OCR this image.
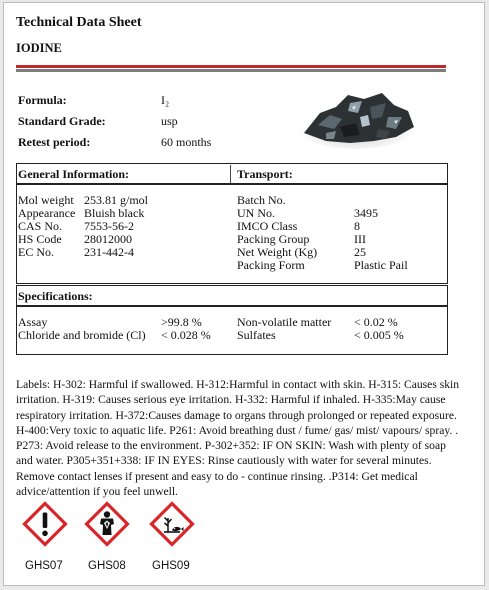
Technical Data Sheet
IODINE
Formula:	I₂
Standard Grade:	usp
Retest period:	60 months
General Information:	Transport:
Mol weight 253.81 g/mol
Appearance Bluish black
CAS No. 7553-56-2
HS Code 28012000
EC No.	231-442-4
Batch No.
UN No.	3495
IMCO Class	8
Packing Group	III
Net Weight (Kg)	25
Packing Form	Plastic Pail
Specifications:
Assay	>99.8 %
Chloride and bromide (Cl) < 0.028 %
Non-volatile matter < 0.02 %
Sulfates	< 0.005 %

Labels: H-302: Harmful if swallowed. H-312:Harmful in contact with skin. H-315: Causes skin irritation. H-319: Causes serious eye irritation. H-332: Harmful if inhaled. H-335:May cause respiratory irritation. H-372:Causes damage to organs through prolonged or repeated exposure. H-400:Very toxic to aquatic life. P261: Avoid breathing dust / fume/ gas/ mist/ vapours/ spray. . P273: Avoid release to the environment. P-302+352: IF ON SKIN: Wash with plenty of soap and water. P305+351+338: IF IN EYES: Rinse cautiously with water for several minutes. Remove contact lenses if present and easy to do - continue rinsing. .P314: Get medical advice/attention if you feel unwell.

GHS07 GHS08 GHS09
